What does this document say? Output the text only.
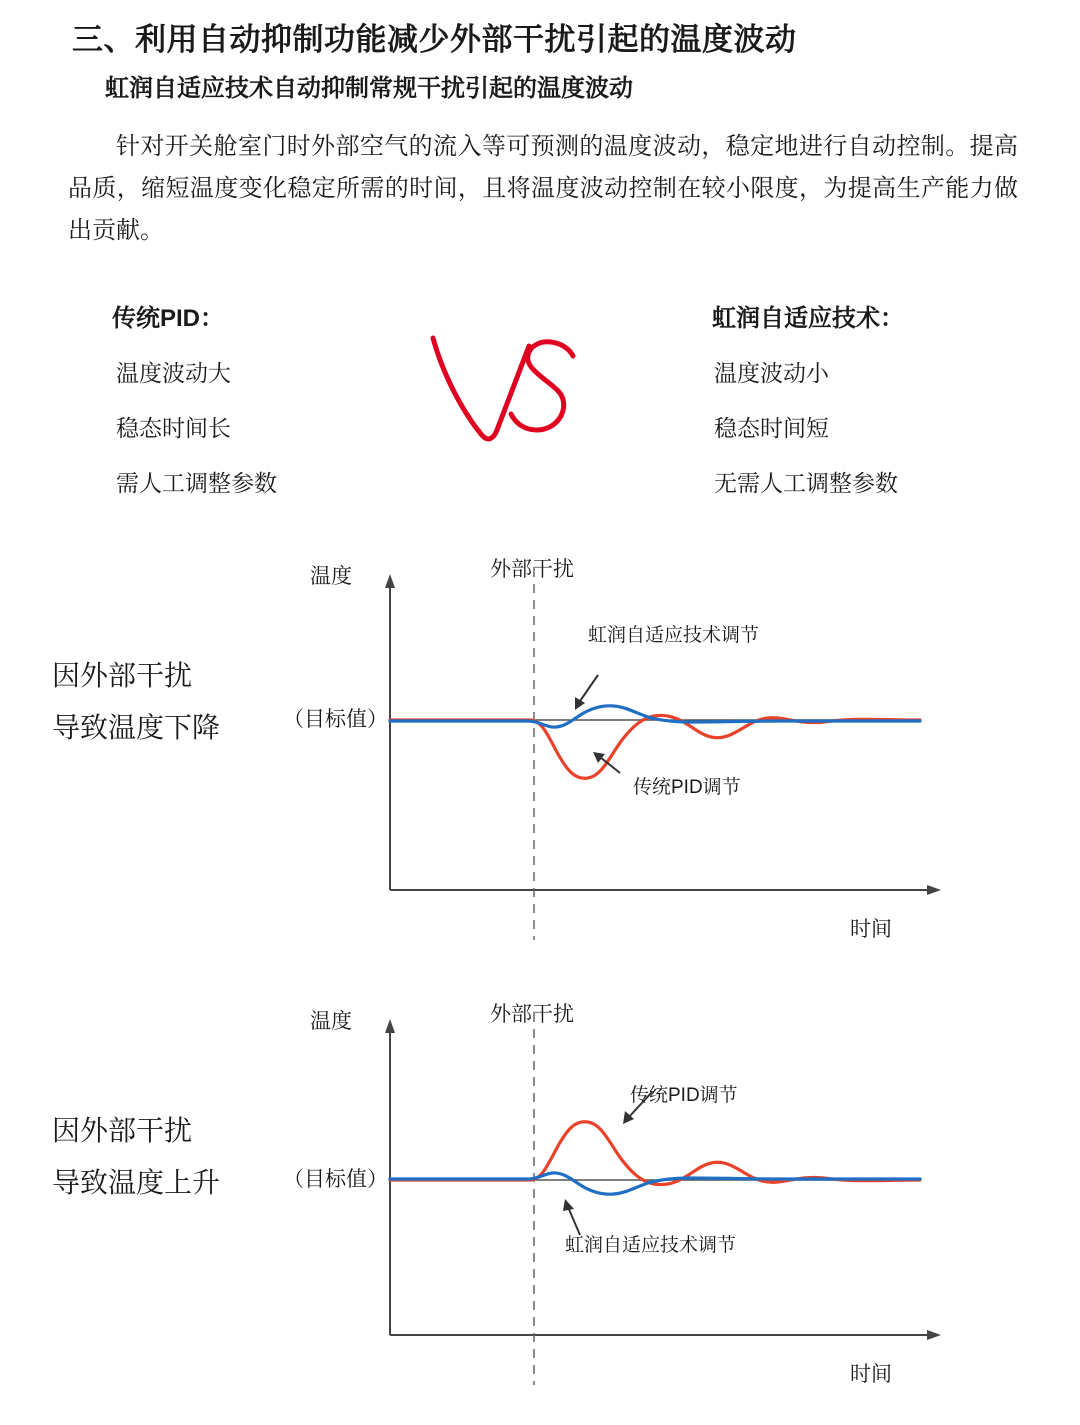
三、利用自动抑制功能减少外部干扰引起的温度波动
虹润自适应技术自动抑制常规干扰引起的温度波动
针对开关舱室门时外部空气的流入等可预测的温度波动，稳定地进行自动控制。提高品质，缩短温度变化稳定所需的时间，且将温度波动控制在较小限度，为提高生产能力做出贡献。
传统PID：
温度波动大
稳态时间长
需人工调整参数
虹润自适应技术：
温度波动小
稳态时间短
无需人工调整参数
因外部干扰
导致温度下降
温度	外部干扰
（目标值）
虹润自适应技术调节
传统PID调节
时间
因外部干扰
导致温度上升
温度	外部干扰
（目标值）
传统PID调节
虹润自适应技术调节
时间
